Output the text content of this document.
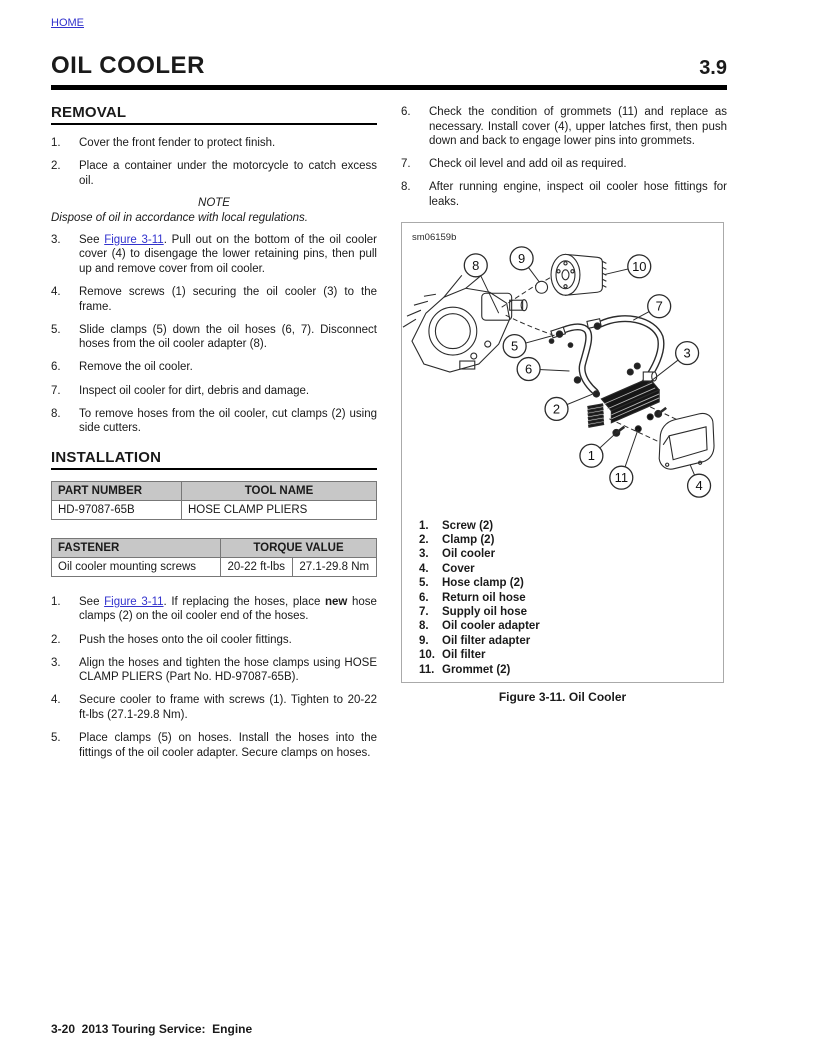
HOME
OIL COOLER	3.9
REMOVAL
1.	Cover the front fender to protect finish.
2.	Place a container under the motorcycle to catch excess oil.
NOTE
Dispose of oil in accordance with local regulations.
3.	See Figure 3-11. Pull out on the bottom of the oil cooler cover (4) to disengage the lower retaining pins, then pull up and remove cover from oil cooler.
4.	Remove screws (1) securing the oil cooler (3) to the frame.
5.	Slide clamps (5) down the oil hoses (6, 7). Disconnect hoses from the oil cooler adapter (8).
6.	Remove the oil cooler.
7.	Inspect oil cooler for dirt, debris and damage.
8.	To remove hoses from the oil cooler, cut clamps (2) using side cutters.
INSTALLATION
PART NUMBER	TOOL NAME
HD-97087-65B	HOSE CLAMP PLIERS
FASTENER	TORQUE VALUE	
Oil cooler mounting screws	20-22 ft-lbs	27.1-29.8 Nm
1.	See Figure 3-11. If replacing the hoses, place new hose clamps (2) on the oil cooler end of the hoses.
2.	Push the hoses onto the oil cooler fittings.
3.	Align the hoses and tighten the hose clamps using HOSE CLAMP PLIERS (Part No. HD-97087-65B).
4.	Secure cooler to frame with screws (1). Tighten to 20-22 ft-lbs (27.1-29.8 Nm).
5.	Place clamps (5) on hoses. Install the hoses into the fittings of the oil cooler adapter. Secure clamps on hoses.
6.	Check the condition of grommets (11) and replace as necessary. Install cover (4), upper latches first, then push down and back to engage lower pins into grommets.
7.	Check oil level and add oil as required.
8.	After running engine, inspect oil cooler hose fittings for leaks.
sm06159b
8	9
10
7
5
6
3
2
1
11
4
1.	Screw (2)
2.	Clamp (2)
3.	Oil cooler
4.	Cover
5.	Hose clamp (2)
6.	Return oil hose
7.	Supply oil hose
8.	Oil cooler adapter
9.	Oil filter adapter
10. Oil filter
11. Grommet (2)
Figure 3-11. Oil Cooler
3-20  2013 Touring Service:  Engine
